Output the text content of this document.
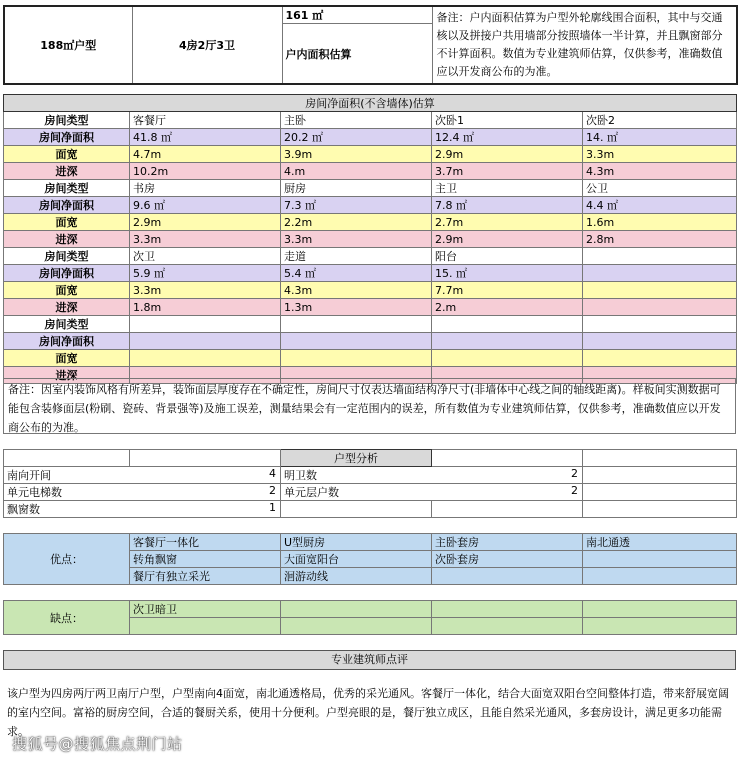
188㎡户型	4房2厅3卫	161 ㎡	备注：户内面积估算为户型外轮廓线围合面积，其中与交通核以及拼接户共用墙部分按照墙体一半计算，并且飘窗部分不计算面积。数值为专业建筑师估算，仅供参考，准确数值应以开发商公布的为准。
户内面积估算
房间净面积(不含墙体)估算				
房间类型	客餐厅	主卧	次卧1	次卧2
房间净面积	41.8 ㎡	20.2 ㎡	12.4 ㎡	14. ㎡
面宽	4.7m	3.9m	2.9m	3.3m
进深	10.2m	4.m	3.7m	4.3m
房间类型	书房	厨房	主卫	公卫
房间净面积	9.6 ㎡	7.3 ㎡	7.8 ㎡	4.4 ㎡
面宽	2.9m	2.2m	2.7m	1.6m
进深	3.3m	3.3m	2.9m	2.8m
房间类型	次卫	走道	阳台	
房间净面积	5.9 ㎡	5.4 ㎡	15. ㎡	
面宽	3.3m	4.3m	7.7m	
进深	1.8m	1.3m	2.m	
房间类型				
房间净面积				
面宽				
进深				
备注：因室内装饰风格有所差异，装饰面层厚度存在不确定性，房间尺寸仅表达墙面结构净尺寸(非墙体中心线之间的轴线距离)。样板间实测数据可能包含装修面层(粉刷、瓷砖、背景强等)及施工误差，测量结果会有一定范围内的误差，所有数值为专业建筑师估算，仅供参考，准确数值应以开发商公布的为准。
		户型分析		
南向开间 4		明卫数 2		

单元电梯数 2		单元层户数 2		

飘窗数 1				

优点：	客餐厅一体化	U型厨房	主卧套房	南北通透
	转角飘窗	大面宽阳台	次卧套房	
	餐厅有独立采光	洄游动线		
缺点：	次卫暗卫			

专业建筑师点评
该户型为四房两厅两卫南厅户型，户型南向4面宽，南北通透格局，优秀的采光通风。客餐厅一体化，结合大面宽双阳台空间整体打造，带来舒展宽阔的室内空间。富裕的厨房空间，合适的餐厨关系，使用十分便利。户型亮眼的是，餐厅独立成区，且能自然采光通风，多套房设计，满足更多功能需求。
搜狐号@搜狐焦点荆门站
